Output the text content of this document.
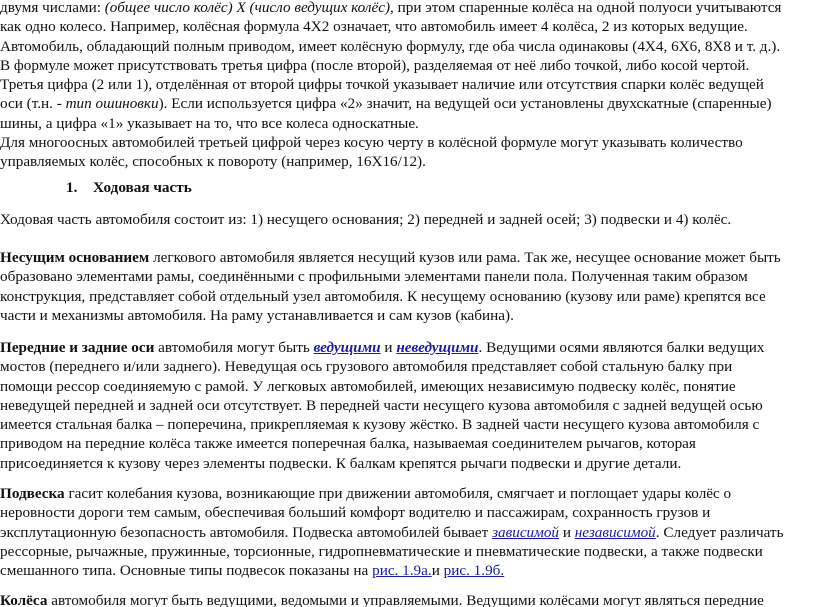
двумя числами: (общее число колёс) Х (число ведущих колёс), при этом спаренные колёса на одной полуоси учитываются
как одно колесо. Например, колёсная формула 4Х2 означает, что автомобиль имеет 4 колёса, 2 из которых ведущие.
Автомобиль, обладающий полным приводом, имеет колёсную формулу, где оба числа одинаковы (4Х4, 6Х6, 8Х8 и т. д.).
В формуле может присутствовать третья цифра (после второй), разделяемая от неё либо точкой, либо косой чертой.
Третья цифра (2 или 1), отделённая от второй цифры точкой указывает наличие или отсутствия спарки колёс ведущей
оси (т.н. - тип ошиновки). Если используется цифра «2» значит, на ведущей оси установлены двухскатные (спаренные)
шины, а цифра «1» указывает на то, что все колеса односкатные.
Для многоосных автомобилей третьей цифрой через косую черту в колёсной формуле могут указывать количество
управляемых колёс, способных к повороту (например, 16Х16/12).
1. Ходовая часть
Ходовая часть автомобиля состоит из: 1) несущего основания; 2) передней и задней осей; 3) подвески и 4) колёс.
Несущим основанием легкового автомобиля является несущий кузов или рама. Так же, несущее основание может быть
образовано элементами рамы, соединёнными с профильными элементами панели пола. Полученная таким образом
конструкция, представляет собой отдельный узел автомобиля. К несущему основанию (кузову или раме) крепятся все
части и механизмы автомобиля. На раму устанавливается и сам кузов (кабина).
Передние и задние оси автомобиля могут быть ведущими и неведущими. Ведущими осями являются балки ведущих
мостов (переднего и/или заднего). Неведущая ось грузового автомобиля представляет собой стальную балку при
помощи рессор соединяемую с рамой. У легковых автомобилей, имеющих независимую подвеску колёс, понятие
неведущей передней и задней оси отсутствует. В передней части несущего кузова автомобиля с задней ведущей осью
имеется стальная балка – поперечина, прикрепляемая к кузову жёстко. В задней части несущего кузова автомобиля с
приводом на передние колёса также имеется поперечная балка, называемая соединителем рычагов, которая
присоединяется к кузову через элементы подвески. К балкам крепятся рычаги подвески и другие детали.
Подвеска гасит колебания кузова, возникающие при движении автомобиля, смягчает и поглощает удары колёс о
неровности дороги тем самым, обеспечивая больший комфорт водителю и пассажирам, сохранность грузов и
эксплутационную безопасность автомобиля. Подвеска автомобилей бывает зависимой и независимой. Следует различать
рессорные, рычажные, пружинные, торсионные, гидропневматические и пневматические подвески, а также подвески
смешанного типа. Основные типы подвесок показаны на рис. 1.9а.и рис. 1.9б.
Колёса автомобиля могут быть ведущими, ведомыми и управляемыми. Ведущими колёсами могут являться передние
